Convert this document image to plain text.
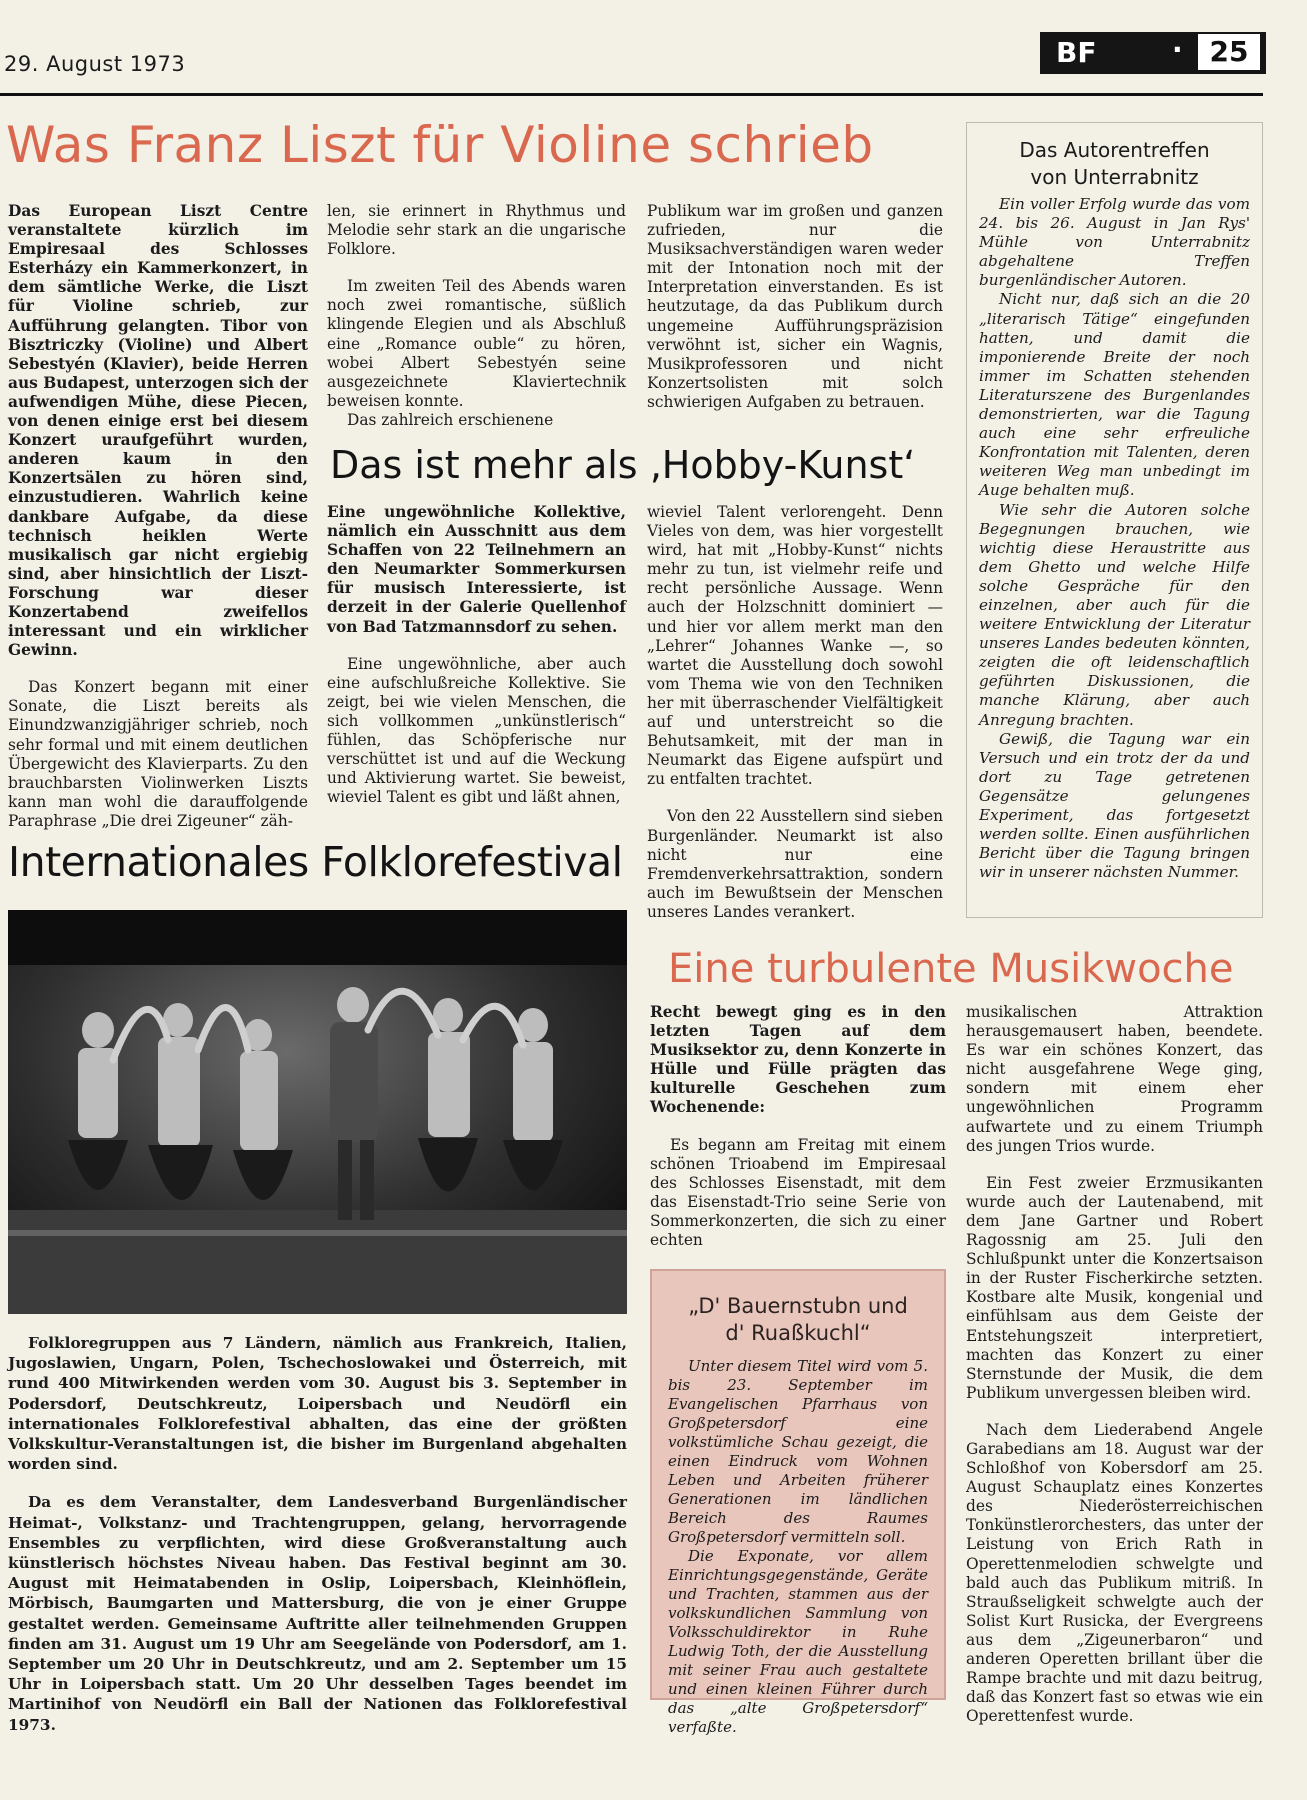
29. August 1973	BF	· 25
Was Franz Liszt für Violine schrieb

Das European Liszt Centre veranstaltete kürzlich im Empiresaal des Schlosses Esterházy ein Kammerkonzert, in dem sämtliche Werke, die Liszt für Violine schrieb, zur Aufführung gelangten. Tibor von Bisztriczky (Violine) und Albert Sebestyén (Klavier), beide Herren aus Budapest, unterzogen sich der aufwendigen Mühe, diese Piecen, von denen einige erst bei diesem Konzert uraufgeführt wurden, anderen kaum in den Konzertsälen zu hören sind, einzustudieren. Wahrlich keine dankbare Aufgabe, da diese technisch heiklen Werte musikalisch gar nicht ergiebig sind, aber hinsichtlich der Liszt-Forschung war dieser Konzertabend zweifellos interessant und ein wirklicher Gewinn.

Das Konzert begann mit einer Sonate, die Liszt bereits als Einundzwanzigjähriger schrieb, noch sehr formal und mit einem deutlichen Übergewicht des Klavierparts. Zu den brauchbarsten Violinwerken Liszts kann man wohl die darauffolgende Paraphrase „Die drei Zigeuner“ zäh-

len, sie erinnert in Rhythmus und Melodie sehr stark an die ungarische Folklore.

Im zweiten Teil des Abends waren noch zwei romantische, süßlich klingende Elegien und als Abschluß eine „Romance ouble“ zu hören, wobei Albert Sebestyén seine ausgezeichnete Klaviertechnik beweisen konnte.

Das zahlreich erschienene

Publikum war im großen und ganzen zufrieden, nur die Musiksachverständigen waren weder mit der Intonation noch mit der Interpretation einverstanden. Es ist heutzutage, da das Publikum durch ungemeine Aufführungspräzision verwöhnt ist, sicher ein Wagnis, Musikprofessoren und nicht Konzertsolisten mit solch schwierigen Aufgaben zu betrauen.

Das ist mehr als ‚Hobby-Kunst‘

Eine ungewöhnliche Kollektive, nämlich ein Ausschnitt aus dem Schaffen von 22 Teilnehmern an den Neumarkter Sommerkursen für musisch Interessierte, ist derzeit in der Galerie Quellenhof von Bad Tatzmannsdorf zu sehen.

Eine ungewöhnliche, aber auch eine aufschlußreiche Kollektive. Sie zeigt, bei wie vielen Menschen, die sich vollkommen „unkünstlerisch“ fühlen, das Schöpferische nur verschüttet ist und auf die Weckung und Aktivierung wartet. Sie beweist, wieviel Talent es gibt und läßt ahnen,

wieviel Talent verlorengeht. Denn Vieles von dem, was hier vorgestellt wird, hat mit „Hobby-Kunst“ nichts mehr zu tun, ist vielmehr reife und recht persönliche Aussage. Wenn auch der Holzschnitt dominiert — und hier vor allem merkt man den „Lehrer“ Johannes Wanke —, so wartet die Ausstellung doch sowohl vom Thema wie von den Techniken her mit überraschender Vielfältigkeit auf und unterstreicht so die Behutsamkeit, mit der man in Neumarkt das Eigene aufspürt und zu entfalten trachtet.

Von den 22 Ausstellern sind sieben Burgenländer. Neumarkt ist also nicht nur eine Fremdenverkehrsattraktion, sondern auch im Bewußtsein der Menschen unseres Landes verankert.

Das Autorentreffen
von Unterrabnitz

Ein voller Erfolg wurde das vom 24. bis 26. August in Jan Rys' Mühle von Unterrabnitz abgehaltene Treffen burgenländischer Autoren.

Nicht nur, daß sich an die 20 „literarisch Tätige“ eingefunden hatten, und damit die imponierende Breite der noch immer im Schatten stehenden Literaturszene des Burgenlandes demonstrierten, war die Tagung auch eine sehr erfreuliche Konfrontation mit Talenten, deren weiteren Weg man unbedingt im Auge behalten muß.

Wie sehr die Autoren solche Begegnungen brauchen, wie wichtig diese Heraustritte aus dem Ghetto und welche Hilfe solche Gespräche für den einzelnen, aber auch für die weitere Entwicklung der Literatur unseres Landes bedeuten könnten, zeigten die oft leidenschaftlich geführten Diskussionen, die manche Klärung, aber auch Anregung brachten.

Gewiß, die Tagung war ein Versuch und ein trotz der da und dort zu Tage getretenen Gegensätze gelungenes Experiment, das fortgesetzt werden sollte. Einen ausführlichen Bericht über die Tagung bringen wir in unserer nächsten Nummer.

Internationales Folklorefestival

Folkloregruppen aus 7 Ländern, nämlich aus Frankreich, Italien, Jugoslawien, Ungarn, Polen, Tschechoslowakei und Österreich, mit rund 400 Mitwirkenden werden vom 30. August bis 3. September in Podersdorf, Deutschkreutz, Loipersbach und Neudörfl ein internationales Folklorefestival abhalten, das eine der größten Volkskultur-Veranstaltungen ist, die bisher im Burgenland abgehalten worden sind.

Da es dem Veranstalter, dem Landesverband Burgenländischer Heimat-, Volkstanz- und Trachtengruppen, gelang, hervorragende Ensembles zu verpflichten, wird diese Großveranstaltung auch künstlerisch höchstes Niveau haben. Das Festival beginnt am 30. August mit Heimatabenden in Oslip, Loipersbach, Kleinhöflein, Mörbisch, Baumgarten und Mattersburg, die von je einer Gruppe gestaltet werden. Gemeinsame Auftritte aller teilnehmenden Gruppen finden am 31. August um 19 Uhr am Seegelände von Podersdorf, am 1. September um 20 Uhr in Deutschkreutz, und am 2. September um 15 Uhr in Loipersbach statt. Um 20 Uhr desselben Tages beendet im Martinihof von Neudörfl ein Ball der Nationen das Folklorefestival 1973.

Eine turbulente Musikwoche

Recht bewegt ging es in den letzten Tagen auf dem Musiksektor zu, denn Konzerte in Hülle und Fülle prägten das kulturelle Geschehen zum Wochenende:

Es begann am Freitag mit einem schönen Trioabend im Empiresaal des Schlosses Eisenstadt, mit dem das Eisenstadt-Trio seine Serie von Sommerkonzerten, die sich zu einer echten

musikalischen Attraktion herausgemausert haben, beendete. Es war ein schönes Konzert, das nicht ausgefahrene Wege ging, sondern mit einem eher ungewöhnlichen Programm aufwartete und zu einem Triumph des jungen Trios wurde.

Ein Fest zweier Erzmusikanten wurde auch der Lautenabend, mit dem Jane Gartner und Robert Ragossnig am 25. Juli den Schlußpunkt unter die Konzertsaison in der Ruster Fischerkirche setzten. Kostbare alte Musik, kongenial und einfühlsam aus dem Geiste der Entstehungszeit interpretiert, machten das Konzert zu einer Sternstunde der Musik, die dem Publikum unvergessen bleiben wird.

Nach dem Liederabend Angele Garabedians am 18. August war der Schloßhof von Kobersdorf am 25. August Schauplatz eines Konzertes des Niederösterreichischen Tonkünstlerorchesters, das unter der Leistung von Erich Rath in Operettenmelodien schwelgte und bald auch das Publikum mitriß. In Straußseligkeit schwelgte auch der Solist Kurt Rusicka, der Evergreens aus dem „Zigeunerbaron“ und anderen Operetten brillant über die Rampe brachte und mit dazu beitrug, daß das Konzert fast so etwas wie ein Operettenfest wurde.

„D' Bauernstubn und
d' Ruaßkuchl“

Unter diesem Titel wird vom 5. bis 23. September im Evangelischen Pfarrhaus von Großpetersdorf eine volkstümliche Schau gezeigt, die einen Eindruck vom Wohnen Leben und Arbeiten früherer Generationen im ländlichen Bereich des Raumes Großpetersdorf vermitteln soll.

Die Exponate, vor allem Einrichtungsgegenstände, Geräte und Trachten, stammen aus der volkskundlichen Sammlung von Volksschuldirektor in Ruhe Ludwig Toth, der die Ausstellung mit seiner Frau auch gestaltete und einen kleinen Führer durch das „alte Großpetersdorf“ verfaßte.
